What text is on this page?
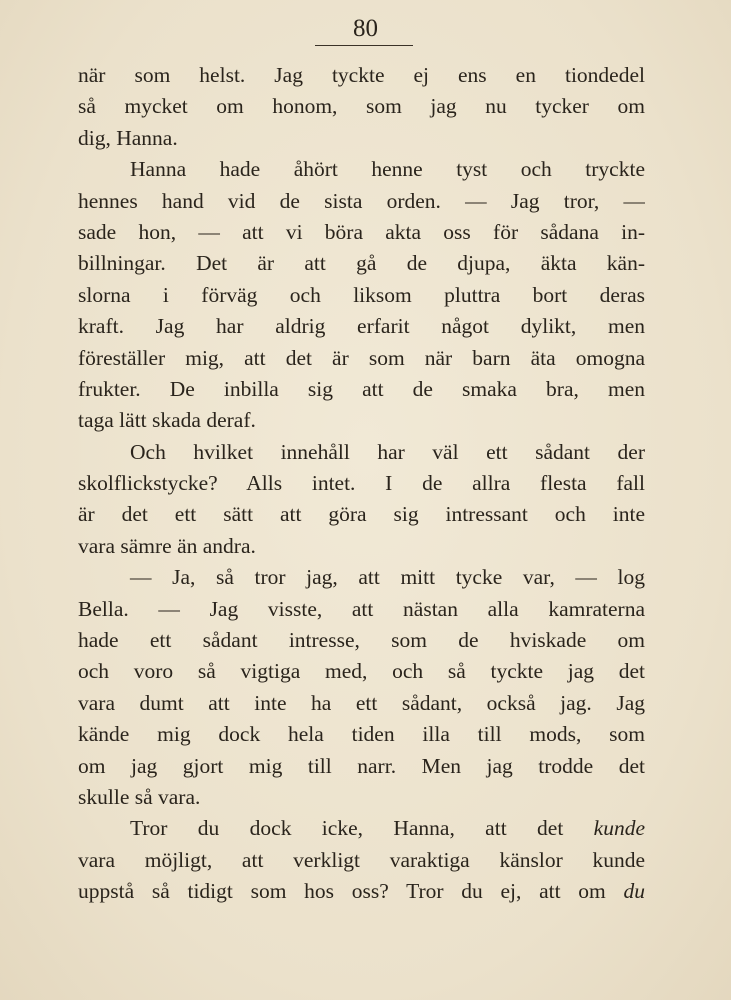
80
när som helst. Jag tyckte ej ens en tiondedel
så mycket om honom, som jag nu tycker om
dig, Hanna.
Hanna hade åhört henne tyst och tryckte
hennes hand vid de sista orden. — Jag tror, —
sade hon, — att vi böra akta oss för sådana in-
billningar. Det är att gå de djupa, äkta kän-
slorna i förväg och liksom pluttra bort deras
kraft. Jag har aldrig erfarit något dylikt, men
föreställer mig, att det är som när barn äta omogna
frukter. De inbilla sig att de smaka bra, men
taga lätt skada deraf.
Och hvilket innehåll har väl ett sådant der
skolflickstycke? Alls intet. I de allra flesta fall
är det ett sätt att göra sig intressant och inte
vara sämre än andra.
— Ja, så tror jag, att mitt tycke var, — log
Bella. — Jag visste, att nästan alla kamraterna
hade ett sådant intresse, som de hviskade om
och voro så vigtiga med, och så tyckte jag det
vara dumt att inte ha ett sådant, också jag. Jag
kände mig dock hela tiden illa till mods, som
om jag gjort mig till narr. Men jag trodde det
skulle så vara.
Tror du dock icke, Hanna, att det kunde
vara möjligt, att verkligt varaktiga känslor kunde
uppstå så tidigt som hos oss? Tror du ej, att om du
